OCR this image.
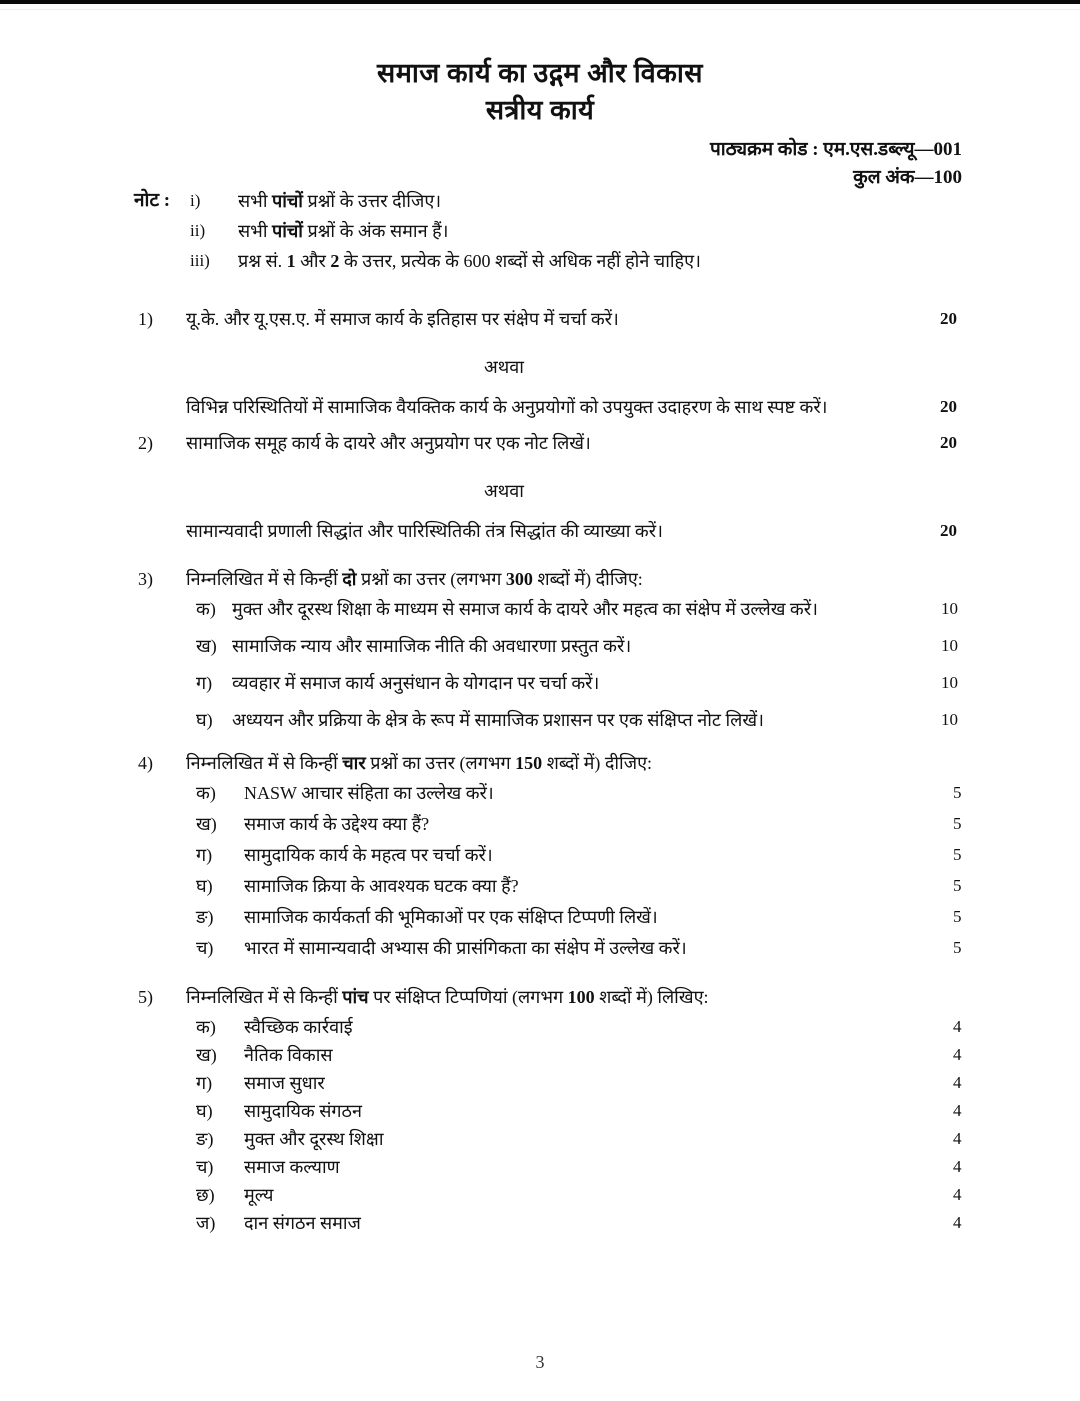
समाज कार्य का उद्गम और विकास
सत्रीय कार्य
पाठ्यक्रम कोड : एम.एस.डब्ल्यू—001
कुल अंक—100
नोट : i)	सभी पांचों प्रश्नों के उत्तर दीजिए।
ii)	सभी पांचों प्रश्नों के अंक समान हैं।
iii)	प्रश्न सं. 1 और 2 के उत्तर, प्रत्येक के 600 शब्दों से अधिक नहीं होने चाहिए।
1) यू.के. और यू.एस.ए. में समाज कार्य के इतिहास पर संक्षेप में चर्चा करें।	20
अथवा
विभिन्न परिस्थितियों में सामाजिक वैयक्तिक कार्य के अनुप्रयोगों को उपयुक्त उदाहरण के साथ स्पष्ट करें।	20
2) सामाजिक समूह कार्य के दायरे और अनुप्रयोग पर एक नोट लिखें।	20
अथवा
सामान्यवादी प्रणाली सिद्धांत और पारिस्थितिकी तंत्र सिद्धांत की व्याख्या करें।	20
3) निम्नलिखित में से किन्हीं दो प्रश्नों का उत्तर (लगभग 300 शब्दों में) दीजिए:
क) मुक्त और दूरस्थ शिक्षा के माध्यम से समाज कार्य के दायरे और महत्व का संक्षेप में उल्लेख करें।	10
ख) सामाजिक न्याय और सामाजिक नीति की अवधारणा प्रस्तुत करें।	10
ग) व्यवहार में समाज कार्य अनुसंधान के योगदान पर चर्चा करें।	10
घ) अध्ययन और प्रक्रिया के क्षेत्र के रूप में सामाजिक प्रशासन पर एक संक्षिप्त नोट लिखें।	10
4) निम्नलिखित में से किन्हीं चार प्रश्नों का उत्तर (लगभग 150 शब्दों में) दीजिए:
क) NASW आचार संहिता का उल्लेख करें।	5
ख) समाज कार्य के उद्देश्य क्या हैं?	5
ग) सामुदायिक कार्य के महत्व पर चर्चा करें।	5
घ) सामाजिक क्रिया के आवश्यक घटक क्या हैं?	5
ङ) सामाजिक कार्यकर्ता की भूमिकाओं पर एक संक्षिप्त टिप्पणी लिखें।	5
च) भारत में सामान्यवादी अभ्यास की प्रासंगिकता का संक्षेप में उल्लेख करें।	5
5) निम्नलिखित में से किन्हीं पांच पर संक्षिप्त टिप्पणियां (लगभग 100 शब्दों में) लिखिए:
क) स्वैच्छिक कार्रवाई	4
ख) नैतिक विकास	4
ग) समाज सुधार	4
घ) सामुदायिक संगठन	4
ङ) मुक्त और दूरस्थ शिक्षा	4
च) समाज कल्याण	4
छ) मूल्य	4
ज) दान संगठन समाज	4
3
